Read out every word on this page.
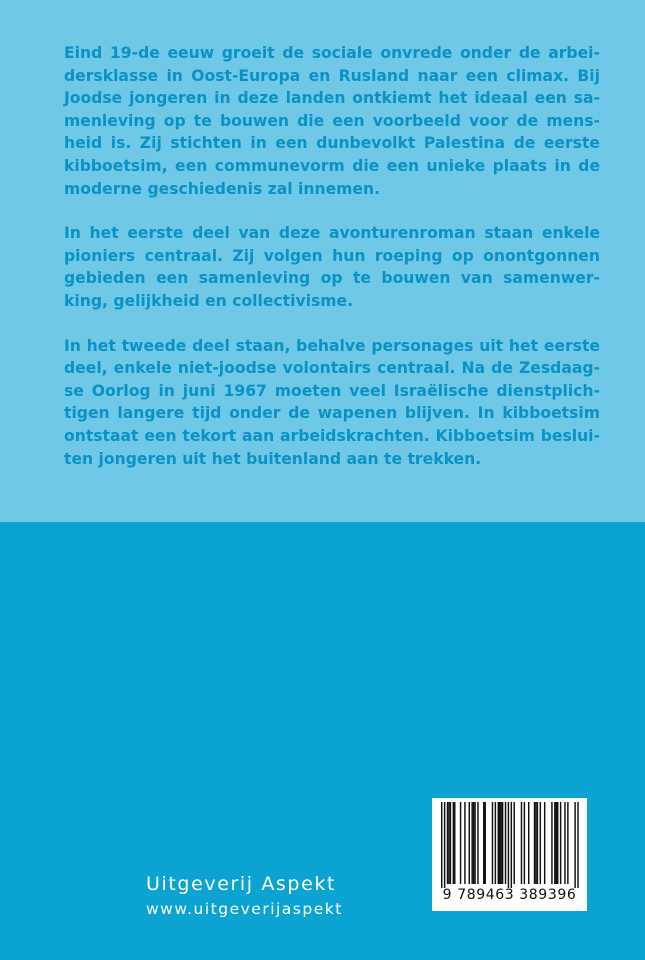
Eind 19-de eeuw groeit de sociale onvrede onder de arbei-
dersklasse in Oost-Europa en Rusland naar een climax. Bij
Joodse jongeren in deze landen ontkiemt het ideaal een sa-
menleving op te bouwen die een voorbeeld voor de mens-
heid is. Zij stichten in een dunbevolkt Palestina de eerste
kibboetsim, een communevorm die een unieke plaats in de
moderne geschiedenis zal innemen.

In het eerste deel van deze avonturenroman staan enkele
pioniers centraal. Zij volgen hun roeping op onontgonnen
gebieden een samenleving op te bouwen van samenwer-
king, gelijkheid en collectivisme.

In het tweede deel staan, behalve personages uit het eerste
deel, enkele niet-joodse volontairs centraal. Na de Zesdaag-
se Oorlog in juni 1967 moeten veel Israëlische dienstplich-
tigen langere tijd onder de wapenen blijven. In kibboetsim
ontstaat een tekort aan arbeidskrachten. Kibboetsim beslui-
ten jongeren uit het buitenland aan te trekken.

Uitgeverij Aspekt
www.uitgeverijaspekt
9 789463 389396
